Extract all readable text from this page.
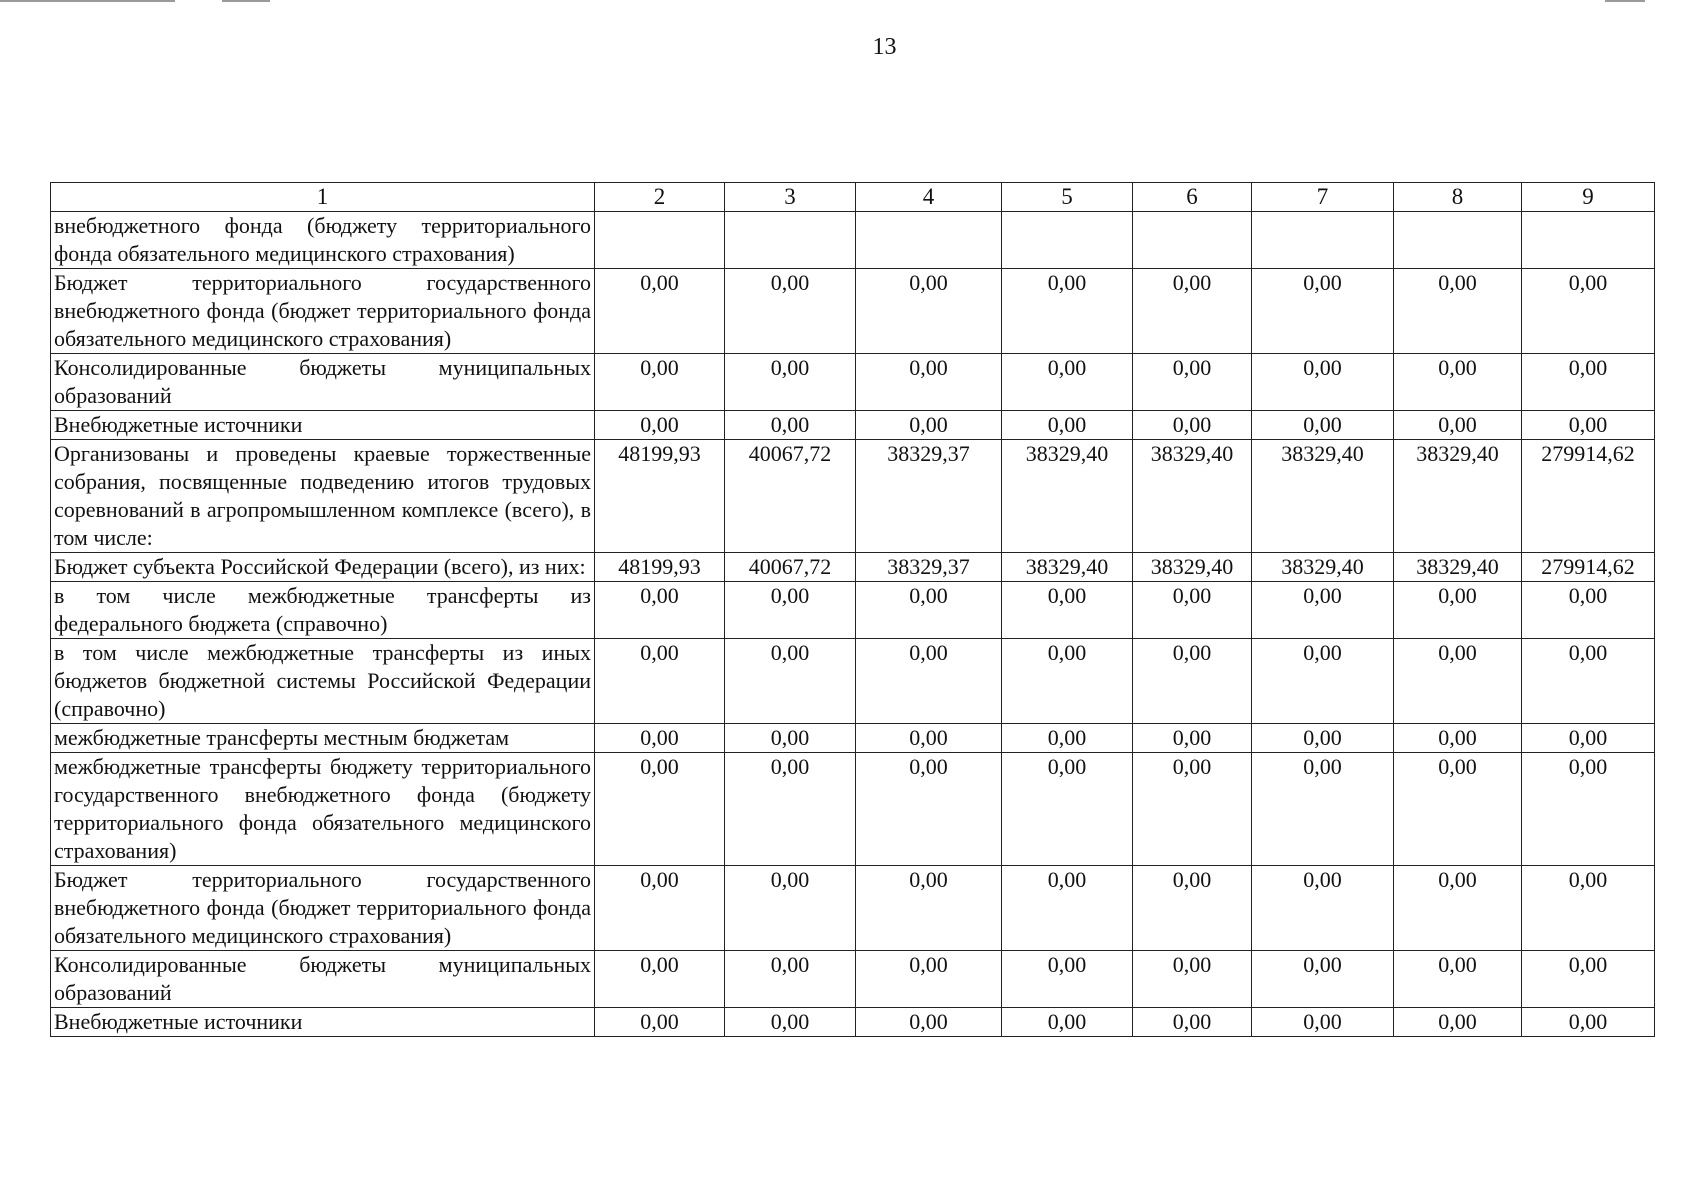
13
1	2	3	4	5	6	7	8	9
внебюджетного фонда (бюджету территориального фонда обязательного медицинского страхования)								
Бюджет территориального государственного внебюджетного фонда (бюджет территориального фонда обязательного медицинского страхования)	0,00	0,00	0,00	0,00	0,00	0,00	0,00	0,00
Консолидированные бюджеты муниципальных образований	0,00	0,00	0,00	0,00	0,00	0,00	0,00	0,00
Внебюджетные источники	0,00	0,00	0,00	0,00	0,00	0,00	0,00	0,00
Организованы и проведены краевые торжественные собрания, посвященные подведению итогов трудовых соревнований в агропромышленном комплексе (всего), в том числе:	48199,93	40067,72	38329,37	38329,40	38329,40	38329,40	38329,40	279914,62
Бюджет субъекта Российской Федерации (всего), из них:	48199,93	40067,72	38329,37	38329,40	38329,40	38329,40	38329,40	279914,62
в том числе межбюджетные трансферты из федерального бюджета (справочно)	0,00	0,00	0,00	0,00	0,00	0,00	0,00	0,00
в том числе межбюджетные трансферты из иных бюджетов бюджетной системы Российской Федерации (справочно)	0,00	0,00	0,00	0,00	0,00	0,00	0,00	0,00
межбюджетные трансферты местным бюджетам	0,00	0,00	0,00	0,00	0,00	0,00	0,00	0,00
межбюджетные трансферты бюджету территориального государственного внебюджетного фонда (бюджету территориального фонда обязательного медицинского страхования)	0,00	0,00	0,00	0,00	0,00	0,00	0,00	0,00
Бюджет территориального государственного внебюджетного фонда (бюджет территориального фонда обязательного медицинского страхования)	0,00	0,00	0,00	0,00	0,00	0,00	0,00	0,00
Консолидированные бюджеты муниципальных образований	0,00	0,00	0,00	0,00	0,00	0,00	0,00	0,00
Внебюджетные источники	0,00	0,00	0,00	0,00	0,00	0,00	0,00	0,00
